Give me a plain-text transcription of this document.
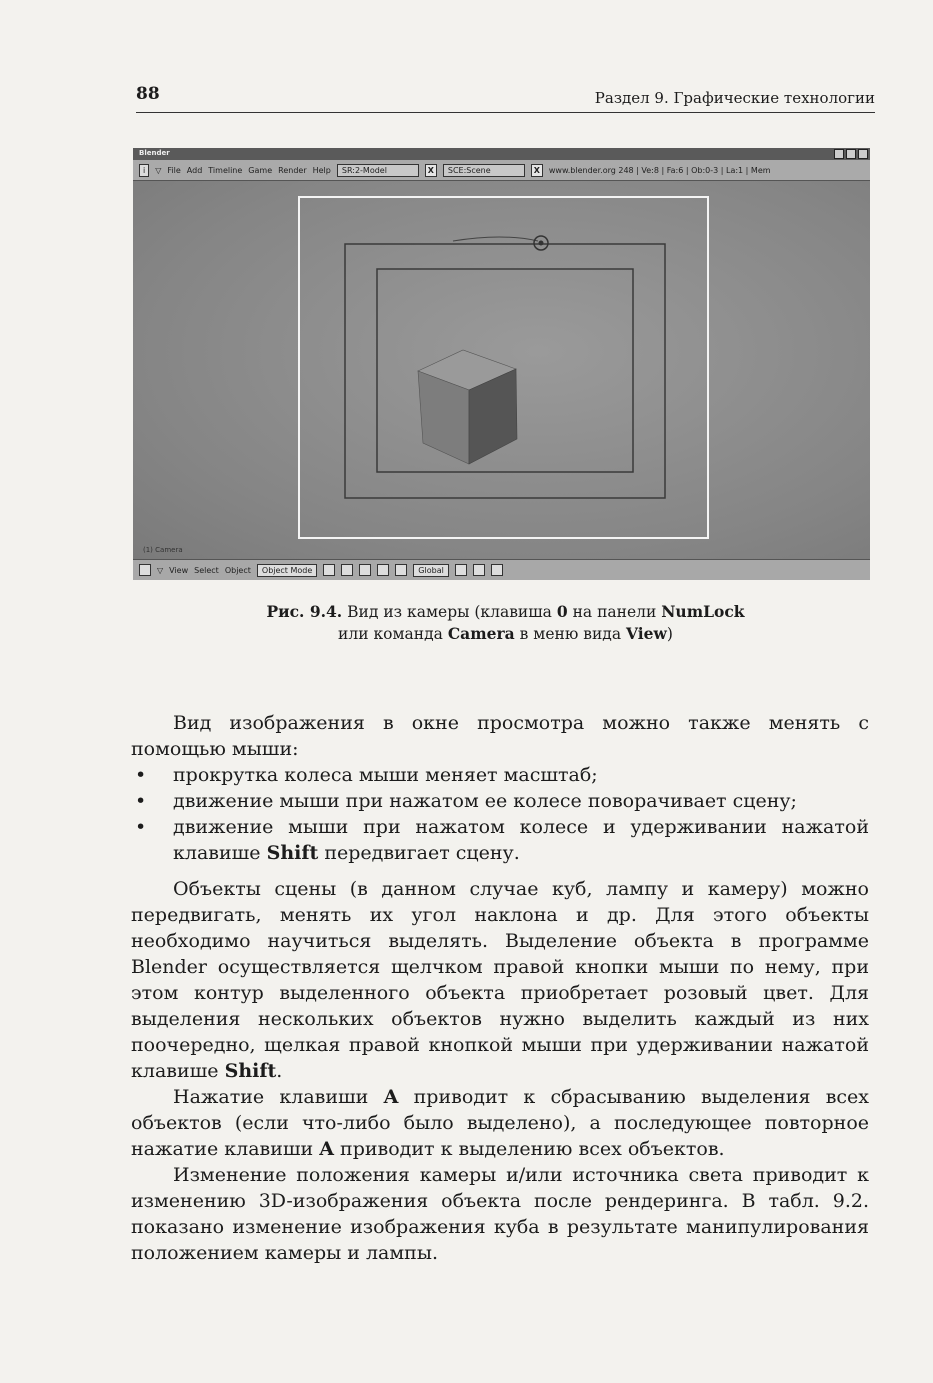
88	Раздел 9. Графические технологии
Blender
i	▽ File Add Timeline Game Render Help	SR:2-Model	X	SCE:Scene	X	www.blender.org 248 | Ve:8 | Fa:6 | Ob:0-3 | La:1 | Mem
(1) Camera
▽ View Select Object	Object Mode	Global
Рис. 9.4. Вид из камеры (клавиша 0 на панели NumLock
или команда Camera в меню вида View)

Вид изображения в окне просмотра можно также менять с помощью мыши:

• прокрутка колеса мыши меняет масштаб;

• движение мыши при нажатом ее колесе поворачивает сцену;

• движение мыши при нажатом колесе и удерживании нажатой клавише Shift передвигает сцену.

Объекты сцены (в данном случае куб, лампу и камеру) можно передвигать, менять их угол наклона и др. Для этого объекты необходимо научиться выделять. Выделение объекта в программе Blender осуществляется щелчком правой кнопки мыши по нему, при этом контур выделенного объекта приобретает розовый цвет. Для выделения нескольких объектов нужно выделить каждый из них поочередно, щелкая правой кнопкой мыши при удерживании нажатой клавише Shift.

Нажатие клавиши A приводит к сбрасыванию выделения всех объектов (если что-либо было выделено), а последующее повторное нажатие клавиши A приводит к выделению всех объектов.

Изменение положения камеры и/или источника света приводит к изменению 3D-изображения объекта после рендеринга. В табл. 9.2. показано изменение изображения куба в результате манипулирования положением камеры и лампы.
